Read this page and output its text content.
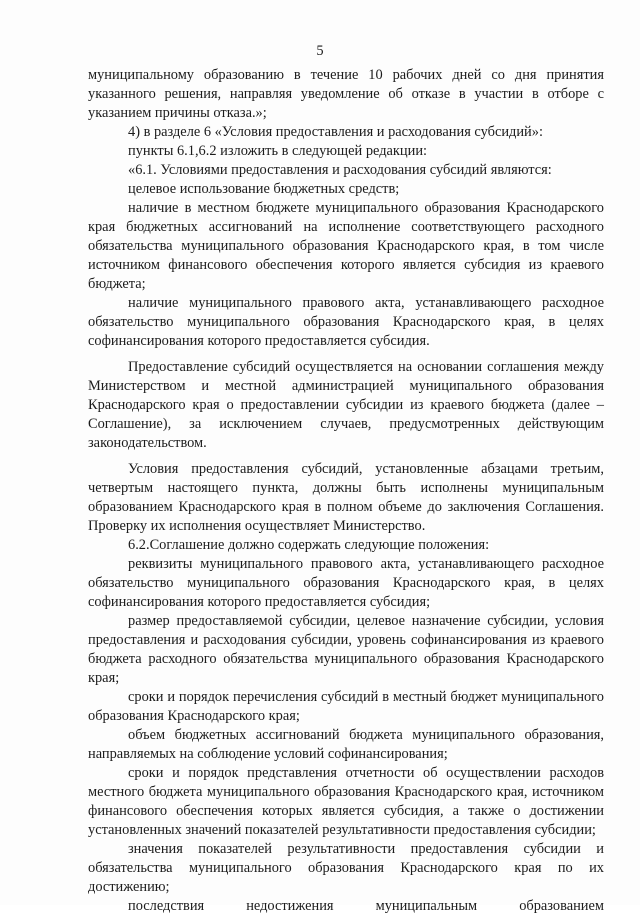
5

муниципальному образованию в течение 10 рабочих дней со дня принятия указанного решения, направляя уведомление об отказе в участии в отборе с указанием причины отказа.»;

4) в разделе 6 «Условия предоставления и расходования субсидий»:

пункты 6.1,6.2 изложить в следующей редакции:

«6.1. Условиями предоставления и расходования субсидий являются:

целевое использование бюджетных средств;

наличие в местном бюджете муниципального образования Краснодарского края бюджетных ассигнований на исполнение соответствующего расходного обязательства муниципального образования Краснодарского края, в том числе источником финансового обеспечения которого является субсидия из краевого бюджета;

наличие муниципального правового акта, устанавливающего расходное обязательство муниципального образования Краснодарского края, в целях софинансирования которого предоставляется субсидия.

Предоставление субсидий осуществляется на основании соглашения между Министерством и местной администрацией муниципального образования Краснодарского края о предоставлении субсидии из краевого бюджета (далее – Соглашение), за исключением случаев, предусмотренных действующим законодательством.

Условия предоставления субсидий, установленные абзацами третьим, четвертым настоящего пункта, должны быть исполнены муниципальным образованием Краснодарского края в полном объеме до заключения Соглашения. Проверку их исполнения осуществляет Министерство.

6.2.Соглашение должно содержать следующие положения:

реквизиты муниципального правового акта, устанавливающего расходное обязательство муниципального образования Краснодарского края, в целях софинансирования которого предоставляется субсидия;

размер предоставляемой субсидии, целевое назначение субсидии, условия предоставления и расходования субсидии, уровень софинансирования из краевого бюджета расходного обязательства муниципального образования Краснодарского края;

сроки и порядок перечисления субсидий в местный бюджет муниципального образования Краснодарского края;

объем бюджетных ассигнований бюджета муниципального образования, направляемых на соблюдение условий софинансирования;

сроки и порядок представления отчетности об осуществлении расходов местного бюджета муниципального образования Краснодарского края, источником финансового обеспечения которых является субсидия, а также о достижении установленных значений показателей результативности предоставления субсидии;

значения показателей результативности предоставления субсидии и обязательства муниципального образования Краснодарского края по их достижению;

последствия	недостижения	муниципальным	образованием
